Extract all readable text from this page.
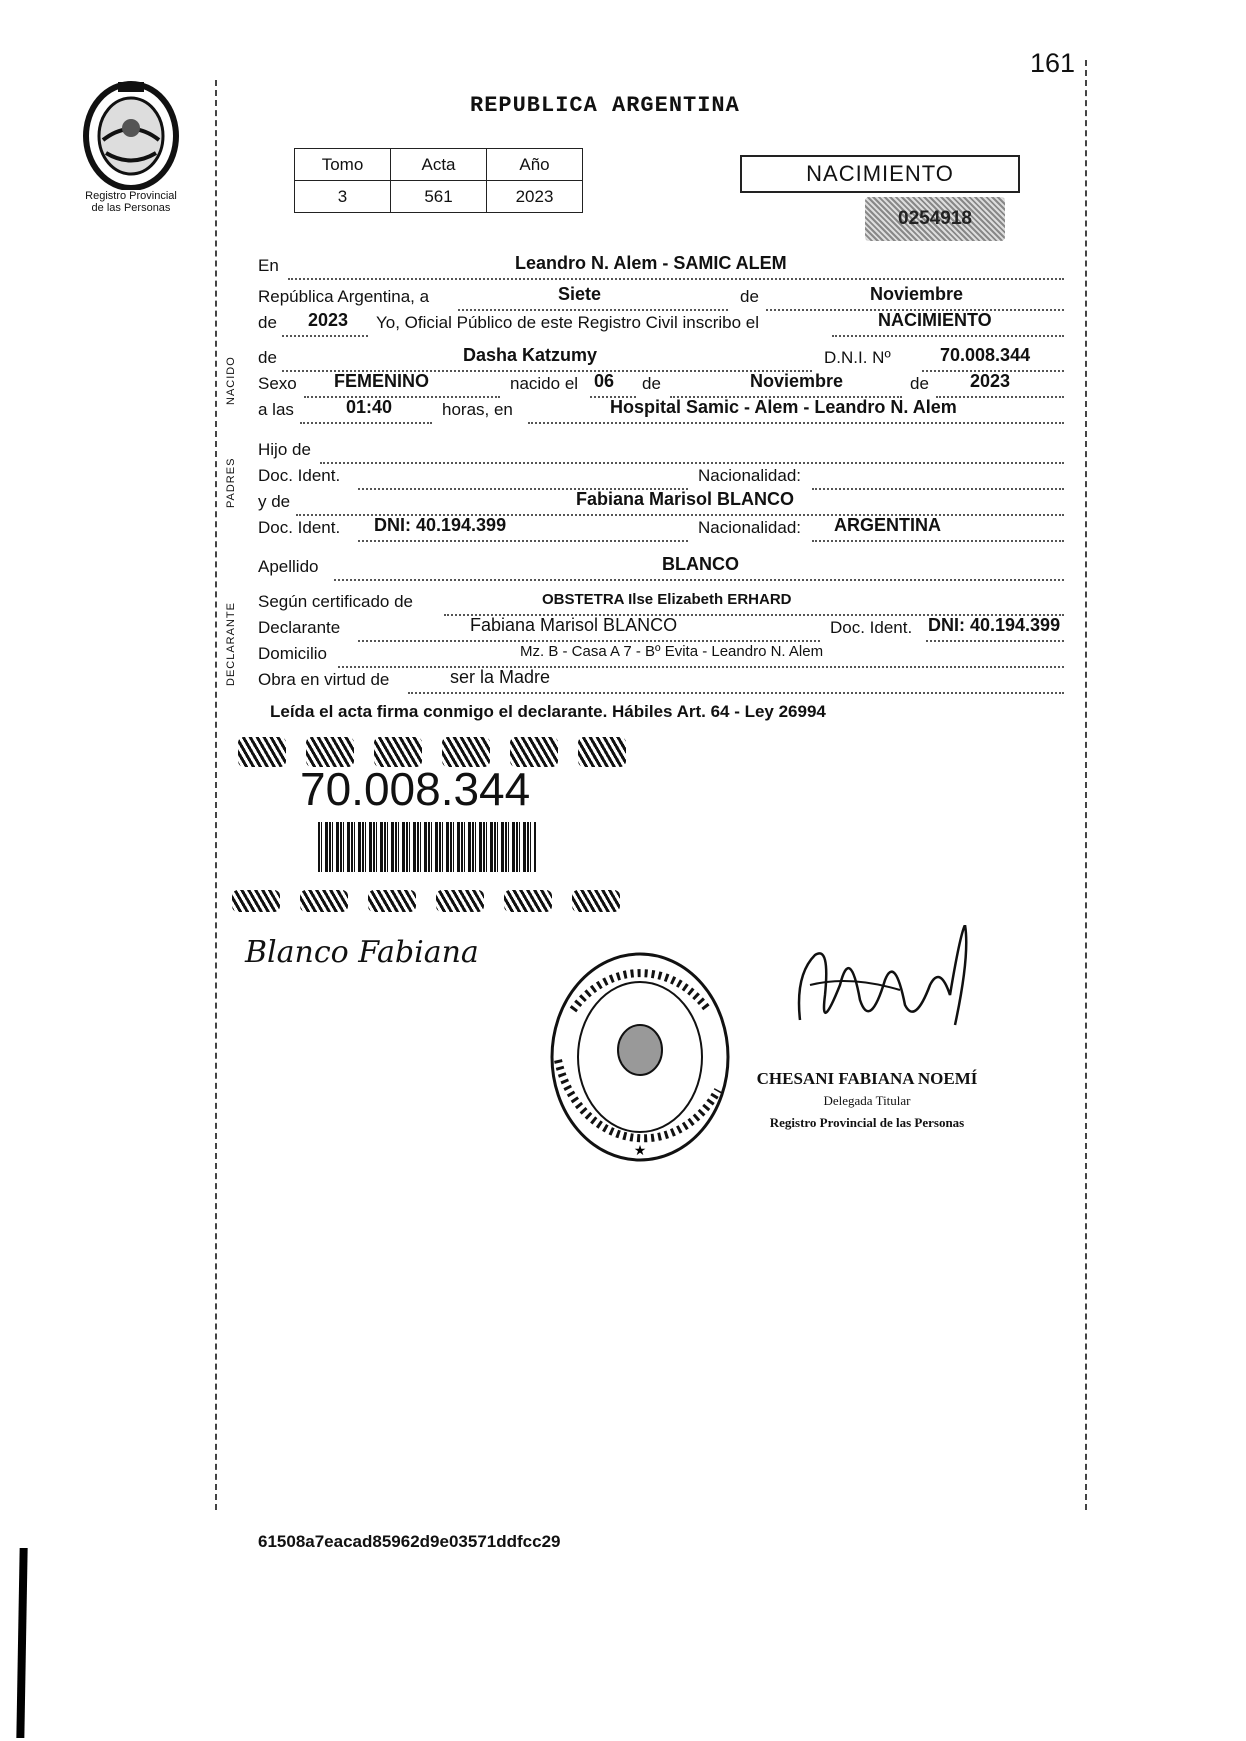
161
Registro Provincial
de las Personas
REPUBLICA ARGENTINA
Tomo	Acta	Año
3	561	2023
NACIMIENTO
0254918
NACIDO
PADRES
DECLARANTE
En	Leandro N. Alem - SAMIC ALEM
República Argentina, a	Siete	de	Noviembre
de 2023 Yo, Oficial Público de este Registro Civil inscribo el	NACIMIENTO
de	Dasha Katzumy	D.N.I. Nº	70.008.344
Sexo FEMENINO	nacido el 06 de	Noviembre	de 2023
a las	01:40	horas, en	Hospital Samic - Alem - Leandro N. Alem
Hijo de
Doc. Ident.	Nacionalidad:
y de	Fabiana Marisol BLANCO
Doc. Ident. DNI: 40.194.399	Nacionalidad: ARGENTINA
Apellido	BLANCO
Según certificado de	OBSTETRA Ilse Elizabeth ERHARD
Declarante	Fabiana Marisol BLANCO	Doc. Ident. DNI: 40.194.399
Domicilio	Mz. B - Casa A 7 - Bº Evita - Leandro N. Alem
Obra en virtud de	ser la Madre
Leída el acta firma conmigo el declarante. Hábiles Art. 64 - Ley 26994
70.008.344
Blanco Fabiana
★
CHESANI FABIANA NOEMÍ
Delegada Titular
Registro Provincial de las Personas
61508a7eacad85962d9e03571ddfcc29
